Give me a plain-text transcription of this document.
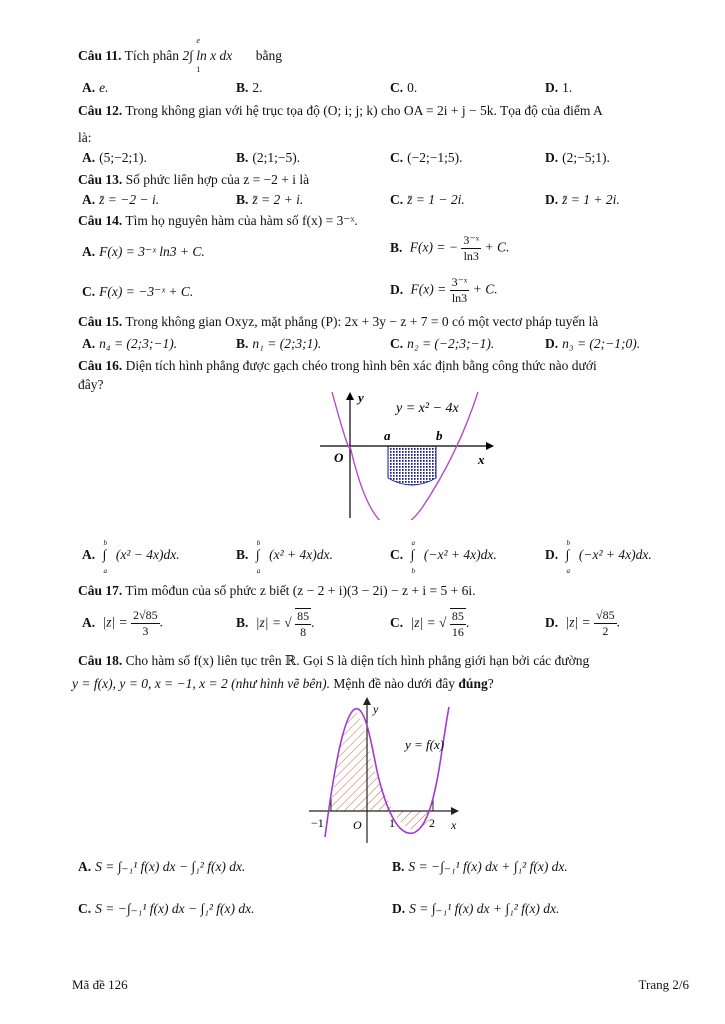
Câu 11. Tích phân
e
1
2∫ ln x dx bằng
A. e.	B. 2.	C. 0.	D. 1.
Câu 12. Trong không gian với hệ trục tọa độ (O; i; j; k) cho OA = 2i + j − 5k. Tọa độ của điểm A
là:
A. (5;−2;1).	B. (2;1;−5).	C. (−2;−1;5).	D. (2;−5;1).
Câu 13. Số phức liên hợp của z = −2 + i là
A. z̄ = −2 − i.	B. z̄ = 2 + i.	C. z̄ = 1 − 2i.	D. z̄ = 1 + 2i.
Câu 14. Tìm họ nguyên hàm của hàm số f(x) = 3⁻ˣ.
A. F(x) = 3⁻ˣ ln3 + C.	B. F(x) = − $\frac{\text{3⁻ˣ}}{\ln 3} + C$.
C. F(x) = −3⁻ˣ + C.	D. $F(x) = \frac{\text{3⁻ˣ}}{\ln 3} + C$.
Câu 15. Trong không gian Oxyz, mặt phẳng (P): 2x + 3y − z + 7 = 0 có một vectơ pháp tuyến là
A. n₄ = (2;3;−1).	B. n₁ = (2;3;1).	C. n₂ = (−2;3;−1).	D. n₃ = (2;−1;0).
Câu 16. Diện tích hình phẳng được gạch chéo trong hình bên xác định bằng công thức nào dưới
đây?
y
y = x² − 4x
O	x
a	b
A. ∫
b
a
(x² − 4x)dx.	B. ∫
b
a
(x² + 4x)dx.	C. ∫
a
b
(−x² + 4x)dx.	D. ∫
b
a
(−x² + 4x)dx.
Câu 17. Tìm môđun của số phức z biết (z − 2 + i)(3 − 2i) − z + i = 5 + 6i.
A. $|z| = \frac{2√85}{3}$ .	B. |z| = √ $\frac{85}{8}$ .	C. |z| = √ $\frac{85}{16}$ .	D. $|z| = \frac{√85}{2}$ .
Câu 18. Cho hàm số f(x) liên tục trên ℝ. Gọi S là diện tích hình phẳng giới hạn bởi các đường
y = f(x), y = 0, x = −1, x = 2 (như hình vẽ bên). Mệnh đề nào dưới đây đúng?
y
y = f(x)
O
−1	1	2 x
A. S = ∫₋₁¹ f(x) dx − ∫₁² f(x) dx.	B. S = −∫₋₁¹ f(x) dx + ∫₁² f(x) dx.
C. S = −∫₋₁¹ f(x) dx − ∫₁² f(x) dx.	D. S = ∫₋₁¹ f(x) dx + ∫₁² f(x) dx.
Mã đề 126	Trang 2/6
